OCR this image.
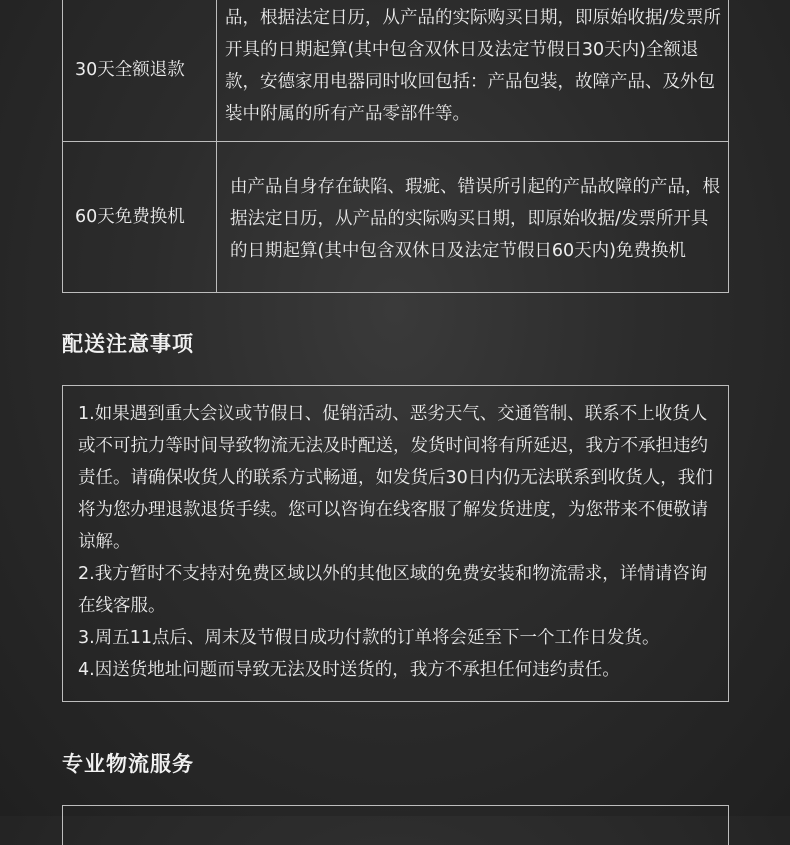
30天全额退款	品，根据法定日历，从产品的实际购买日期，即原始收据/发票所开具的日期起算(其中包含双休日及法定节假日30天内)全额退款，安德家用电器同时收回包括：产品包装，故障产品、及外包装中附属的所有产品零部件等。
60天免费换机	由产品自身存在缺陷、瑕疵、错误所引起的产品故障的产品，根据法定日历，从产品的实际购买日期，即原始收据/发票所开具的日期起算(其中包含双休日及法定节假日60天内)免费换机
配送注意事项

1.如果遇到重大会议或节假日、促销活动、恶劣天气、交通管制、联系不上收货人或不可抗力等时间导致物流无法及时配送，发货时间将有所延迟，我方不承担违约责任。请确保收货人的联系方式畅通，如发货后30日内仍无法联系到收货人，我们将为您办理退款退货手续。您可以咨询在线客服了解发货进度，为您带来不便敬请谅解。

2.我方暂时不支持对免费区域以外的其他区域的免费安装和物流需求，详情请咨询在线客服。

3.周五11点后、周末及节假日成功付款的订单将会延至下一个工作日发货。

4.因送货地址问题而导致无法及时送货的，我方不承担任何违约责任。

专业物流服务
